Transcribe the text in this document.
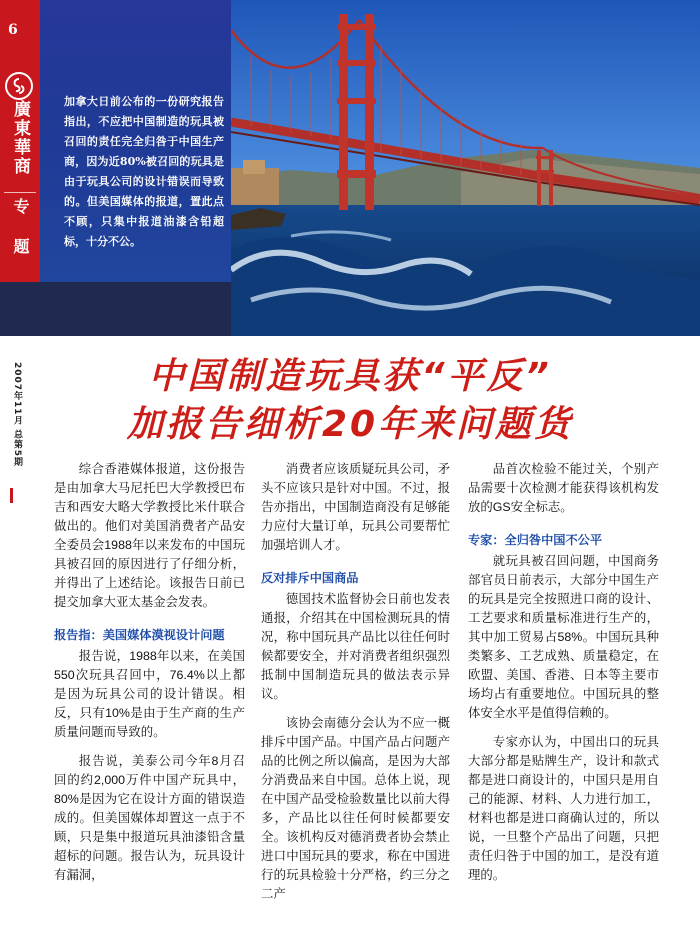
6
廣東華商
专题
加拿大日前公布的一份研究报告指出，不应把中国制造的玩具被召回的责任完全归咎于中国生产商，因为近80%被召回的玩具是由于玩具公司的设计错误而导致的。但美国媒体的报道，置此点不顾，只集中报道油漆含铅超标，十分不公。
2007年11月 总第5期	中国制造玩具获“平反”
加报告细析20年来问题货

综合香港媒体报道，这份报告是由加拿大马尼托巴大学教授巴布吉和西安大略大学教授比米什联合做出的。他们对美国消费者产品安全委员会1988年以来发布的中国玩具被召回的原因进行了仔细分析，并得出了上述结论。该报告日前已提交加拿大亚太基金会发表。

报告指：美国媒体漠视设计问题

报告说，1988年以来，在美国550次玩具召回中，76.4%以上都是因为玩具公司的设计错误。相反，只有10%是由于生产商的生产质量问题而导致的。

报告说，美泰公司今年8月召回的约2,000万件中国产玩具中，80%是因为它在设计方面的错误造成的。但美国媒体却置这一点于不顾，只是集中报道玩具油漆铅含量超标的问题。报告认为，玩具设计有漏洞，

消费者应该质疑玩具公司，矛头不应该只是针对中国。不过，报告亦指出，中国制造商没有足够能力应付大量订单，玩具公司要帮忙加强培训人才。

反对排斥中国商品

德国技术监督协会日前也发表通报，介绍其在中国检测玩具的情况，称中国玩具产品比以往任何时候都要安全，并对消费者组织强烈抵制中国制造玩具的做法表示异议。

该协会南德分会认为不应一概排斥中国产品。中国产品占问题产品的比例之所以偏高，是因为大部分消费品来自中国。总体上说，现在中国产品受检验数量比以前大得多，产品比以往任何时候都要安全。该机构反对德消费者协会禁止进口中国玩具的要求，称在中国进行的玩具检验十分严格，约三分之二产

品首次检验不能过关，个别产品需要十次检测才能获得该机构发放的GS安全标志。

专家：全归咎中国不公平

就玩具被召回问题，中国商务部官员日前表示，大部分中国生产的玩具是完全按照进口商的设计、工艺要求和质量标准进行生产的，其中加工贸易占58%。中国玩具种类繁多、工艺成熟、质量稳定，在欧盟、美国、香港、日本等主要市场均占有重要地位。中国玩具的整体安全水平是值得信赖的。

专家亦认为，中国出口的玩具大部分都是贴牌生产，设计和款式都是进口商设计的，中国只是用自己的能源、材料、人力进行加工，材料也都是进口商确认过的，所以说，一旦整个产品出了问题，只把责任归咎于中国的加工，是没有道理的。
